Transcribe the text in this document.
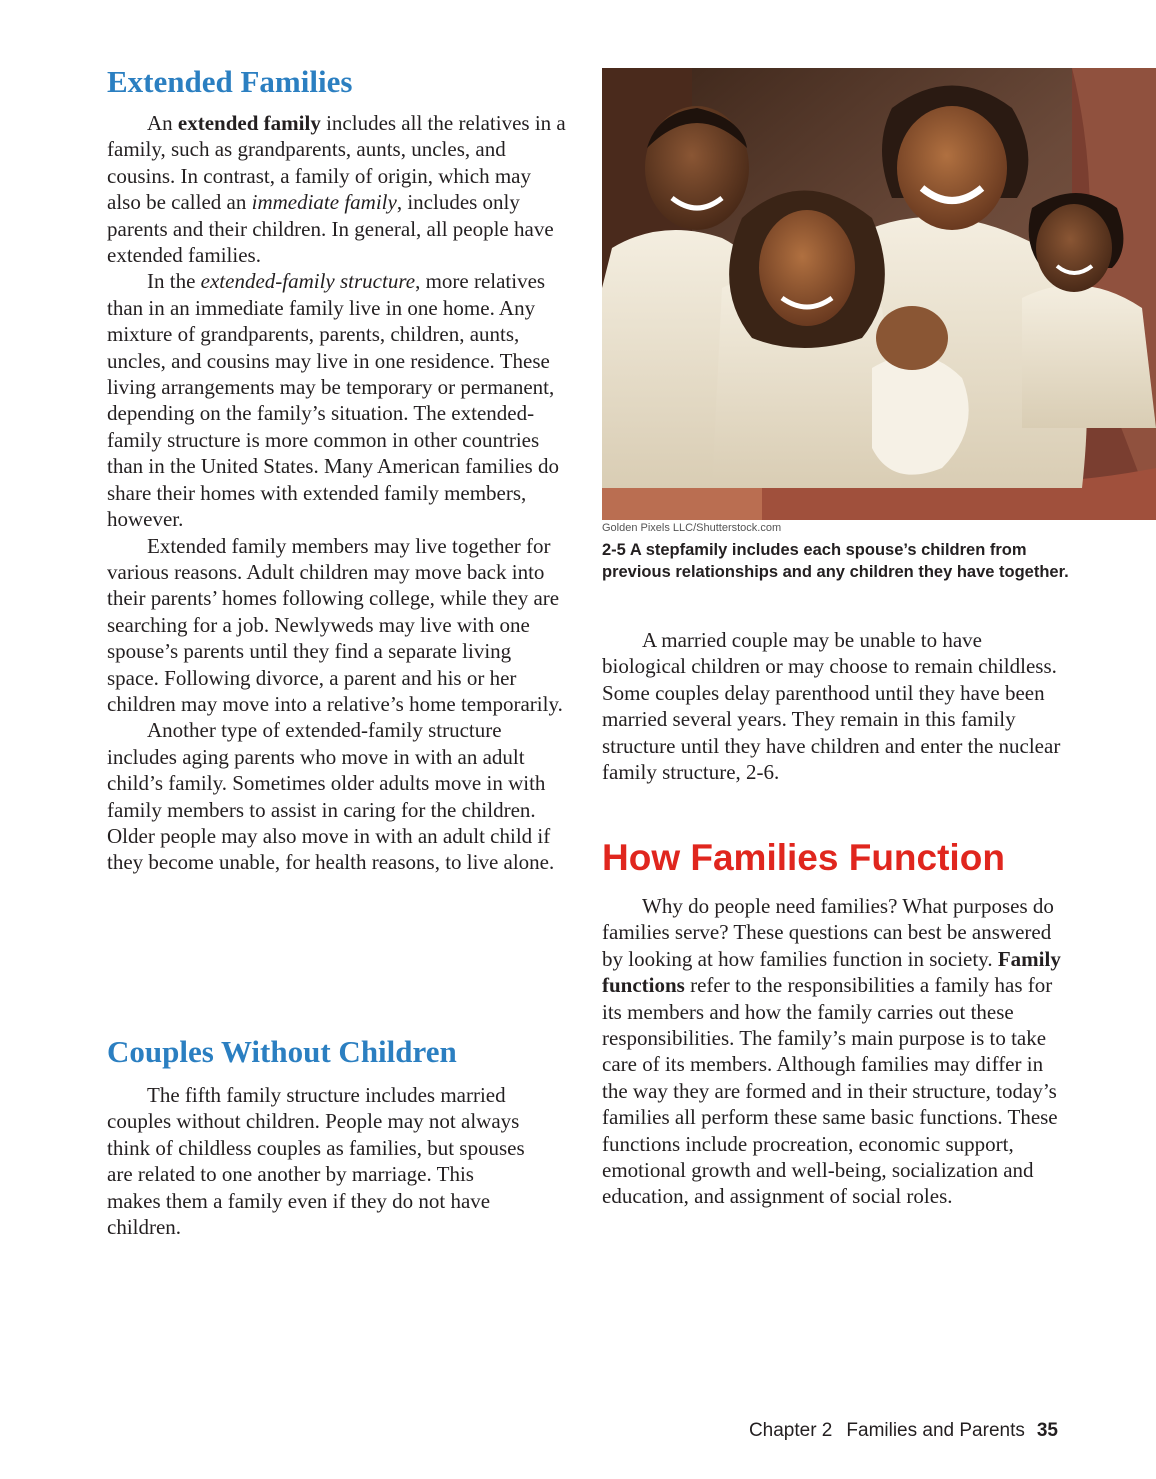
Extended Families

An extended family includes all the relatives in a family, such as grandparents, aunts, uncles, and cousins. In contrast, a family of origin, which may also be called an immediate family, includes only parents and their children. In general, all people have extended families.

In the extended-family structure, more relatives than in an immediate family live in one home. Any mixture of grandparents, parents, children, aunts, uncles, and cousins may live in one residence. These living arrangements may be temporary or permanent, depending on the family’s situation. The extended-family structure is more common in other countries than in the United States. Many American families do share their homes with extended family members, however.

Extended family members may live together for various reasons. Adult children may move back into their parents’ homes following college, while they are searching for a job. Newlyweds may live with one spouse’s parents until they find a separate living space. Following divorce, a parent and his or her children may move into a relative’s home temporarily.

Another type of extended-family structure includes aging parents who move in with an adult child’s family. Sometimes older adults move in with family members to assist in caring for the children. Older people may also move in with an adult child if they become unable, for health reasons, to live alone.

Couples Without Children

The fifth family structure includes married couples without children. People may not always think of childless couples as families, but spouses are related to one another by marriage. This makes them a family even if they do not have children.

Golden Pixels LLC/Shutterstock.com
2-5 A stepfamily includes each spouse’s children from previous relationships and any children they have together.

A married couple may be unable to have biological children or may choose to remain childless. Some couples delay parenthood until they have been married several years. They remain in this family structure until they have children and enter the nuclear family structure, 2-6.

How Families Function

Why do people need families? What purposes do families serve? These questions can best be answered by looking at how families function in society. Family functions refer to the responsibilities a family has for its members and how the family carries out these responsibilities. The family’s main purpose is to take care of its members. Although families may differ in the way they are formed and in their structure, today’s families all perform these same basic functions. These functions include procreation, economic support, emotional growth and well-being, socialization and education, and assignment of social roles.

Chapter 2 Families and Parents 35
